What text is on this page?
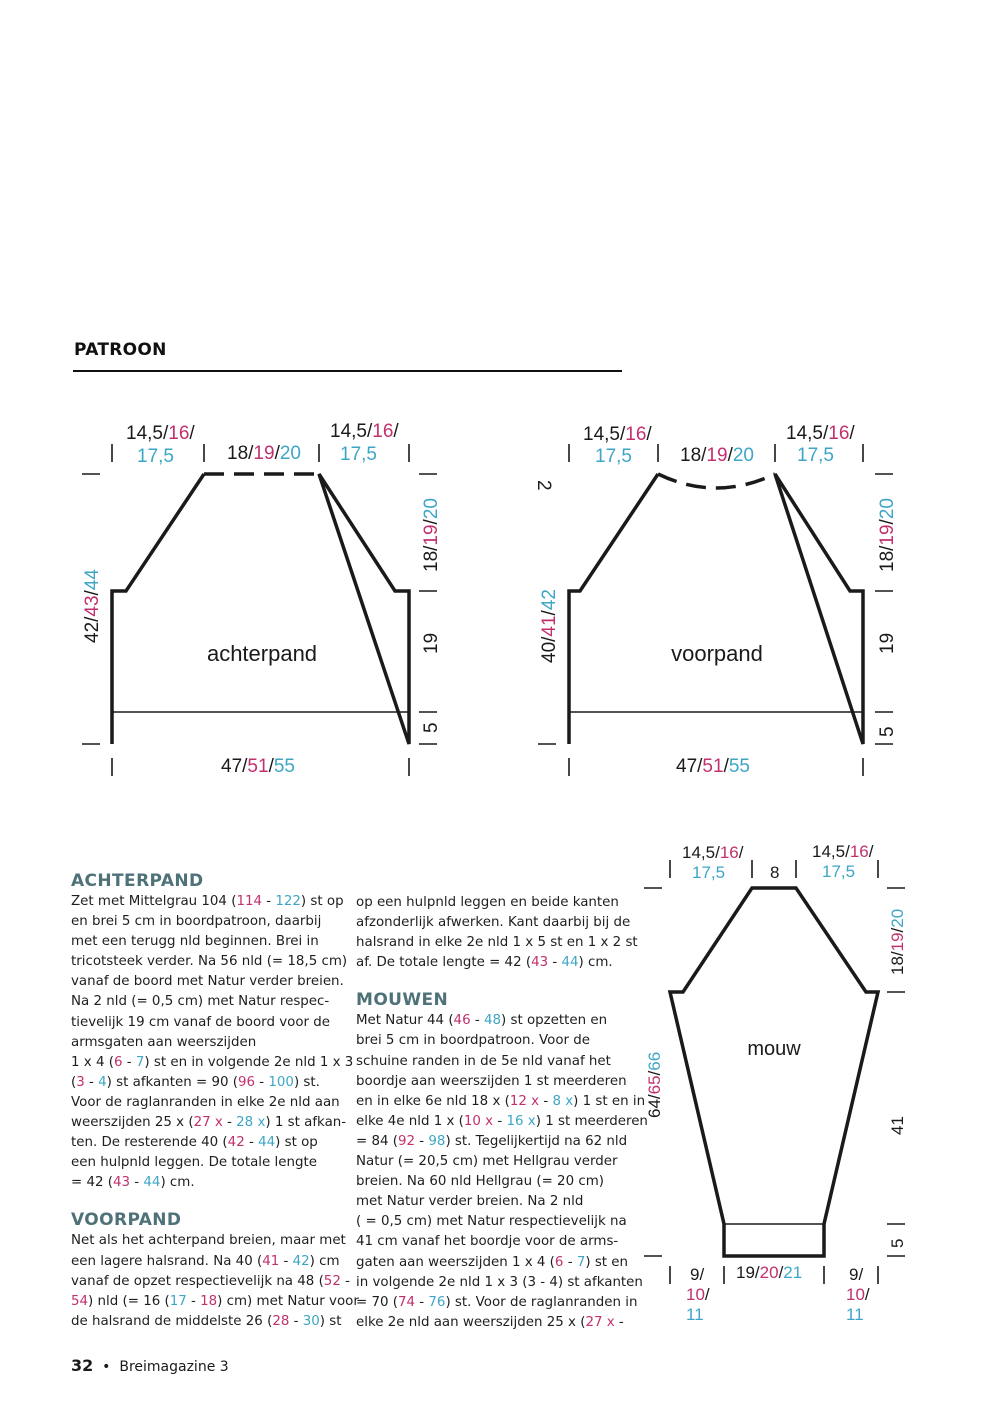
PATROON
achterpand
14,5/16/
17,5
14,5/16/
17,5
18/19/20
47/51/55
42/43/44
18/19/20
19
5
voorpand
14,5/16/
17,5
14,5/16/
17,5
18/19/20
2
47/51/55
40/41/42
18/19/20
19
5
mouw
14,5/16/
17,5	8
14,5/16/
17,5
18/19/20
41
5
64/65/66
19/20/21
9/
10/
11
9/
10/
11
ACHTERPAND

Zet met Mittelgrau 104 (114 - 122) st op
en brei 5 cm in boordpatroon, daarbij
met een terugg nld beginnen. Brei in
tricotsteek verder. Na 56 nld (= 18,5 cm)
vanaf de boord met Natur verder breien.
Na 2 nld (= 0,5 cm) met Natur respec-
tievelijk 19 cm vanaf de boord voor de
armsgaten aan weerszijden
1 x 4 (6 - 7) st en in volgende 2e nld 1 x 3
(3 - 4) st afkanten = 90 (96 - 100) st.
Voor de raglanranden in elke 2e nld aan
weerszijden 25 x (27 x - 28 x) 1 st afkan-
ten. De resterende 40 (42 - 44) st op
een hulpnld leggen. De totale lengte
= 42 (43 - 44) cm.

VOORPAND

Net als het achterpand breien, maar met
een lagere halsrand. Na 40 (41 - 42) cm
vanaf de opzet respectievelijk na 48 (52 -
54) nld (= 16 (17 - 18) cm) met Natur voor
de halsrand de middelste 26 (28 - 30) st

op een hulpnld leggen en beide kanten
afzonderlijk afwerken. Kant daarbij bij de
halsrand in elke 2e nld 1 x 5 st en 1 x 2 st
af. De totale lengte = 42 (43 - 44) cm.

MOUWEN

Met Natur 44 (46 - 48) st opzetten en
brei 5 cm in boordpatroon. Voor de
schuine randen in de 5e nld vanaf het
boordje aan weerszijden 1 st meerderen
en in elke 6e nld 18 x (12 x - 8 x) 1 st en in
elke 4e nld 1 x (10 x - 16 x) 1 st meerderen
= 84 (92 - 98) st. Tegelijkertijd na 62 nld
Natur (= 20,5 cm) met Hellgrau verder
breien. Na 60 nld Hellgrau (= 20 cm)
met Natur verder breien. Na 2 nld
( = 0,5 cm) met Natur respectievelijk na
41 cm vanaf het boordje voor de arms-
gaten aan weerszijden 1 x 4 (6 - 7) st en
in volgende 2e nld 1 x 3 (3 - 4) st afkanten
= 70 (74 - 76) st. Voor de raglanranden in
elke 2e nld aan weerszijden 25 x (27 x -

32 • Breimagazine 3
